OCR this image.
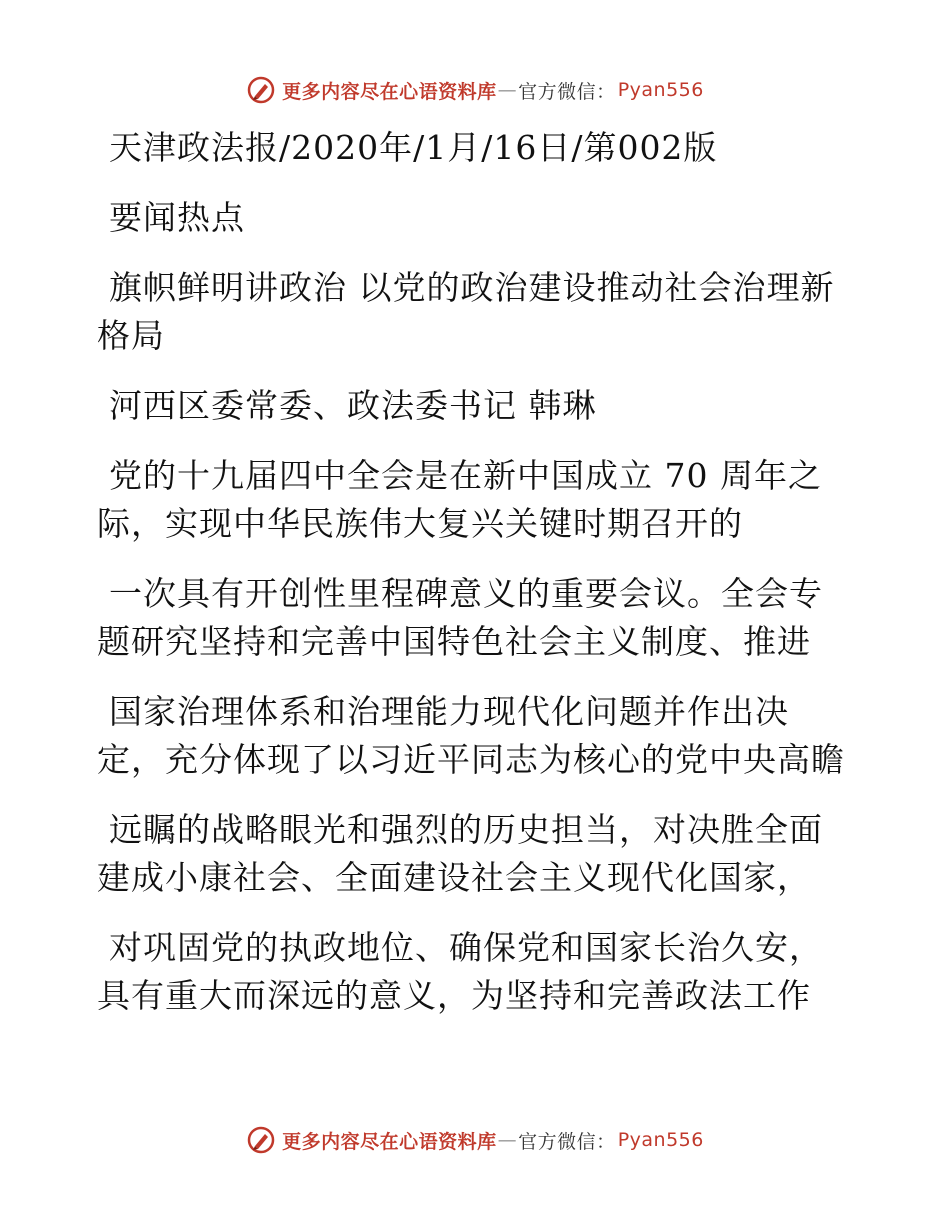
更多内容尽在心语资料库 — 官方微信： Pyan556
天津政法报/2020年/1月/16日/第002版
要闻热点
旗帜鲜明讲政治 以党的政治建设推动社会治理新
格局
河西区委常委、政法委书记 韩琳
党的十九届四中全会是在新中国成立 70 周年之
际，实现中华民族伟大复兴关键时期召开的
一次具有开创性里程碑意义的重要会议。全会专
题研究坚持和完善中国特色社会主义制度、推进
国家治理体系和治理能力现代化问题并作出决
定，充分体现了以习近平同志为核心的党中央高瞻
远瞩的战略眼光和强烈的历史担当，对决胜全面
建成小康社会、全面建设社会主义现代化国家，
对巩固党的执政地位、确保党和国家长治久安，
具有重大而深远的意义，为坚持和完善政法工作
更多内容尽在心语资料库 — 官方微信： Pyan556
